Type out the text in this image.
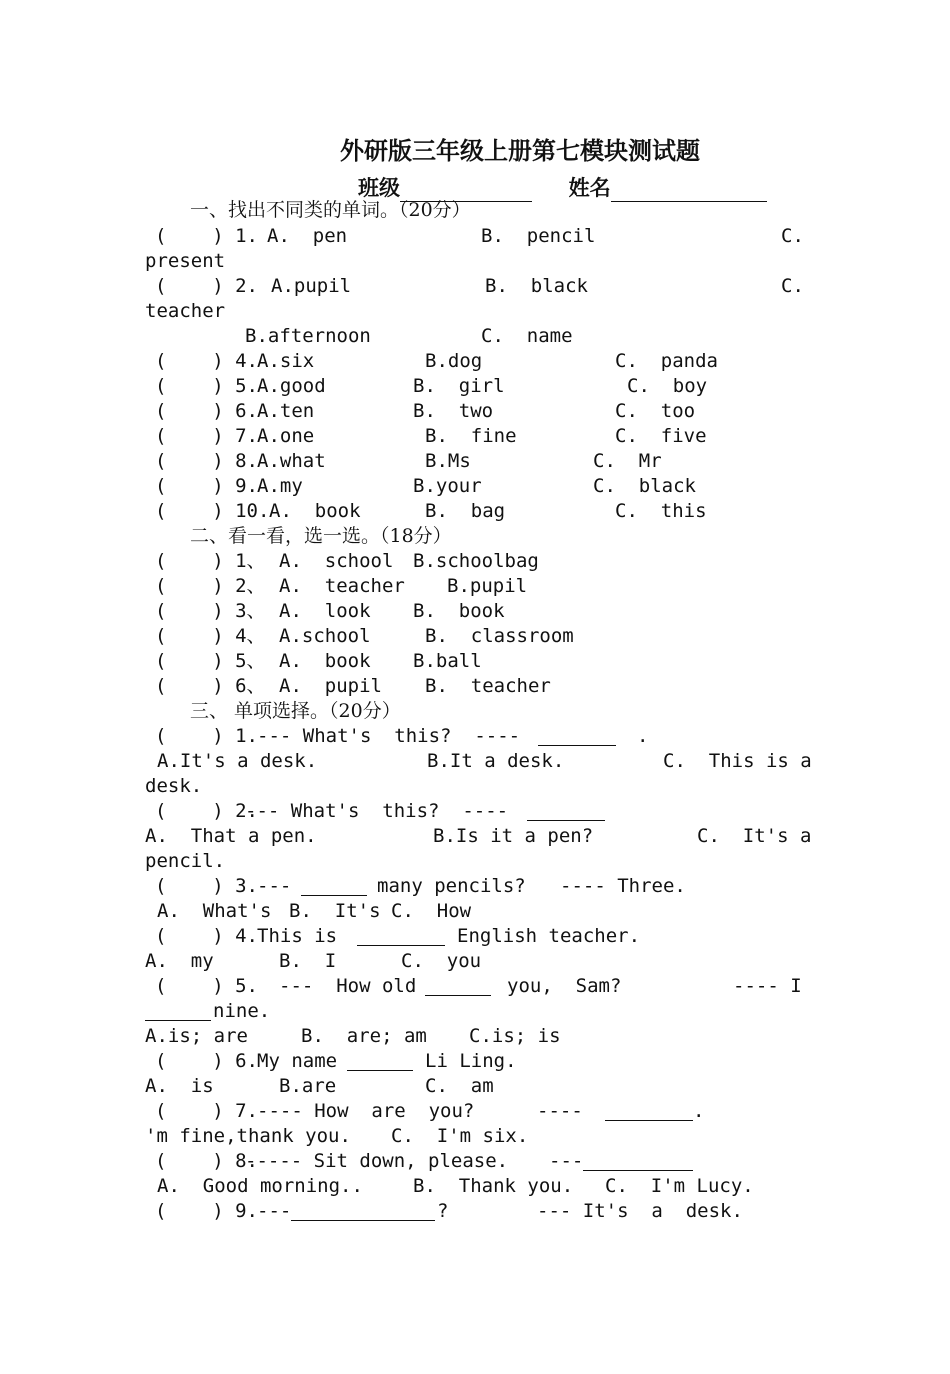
外研版三年级上册第七模块测试题
班级	姓名
一、找出不同类的单词。（20分）

(    ) 1.

A.  pen

	B.  pencil

	C.

present

(    ) 2.

A.pupil

	B.  black

	C.

teacher

B.afternoon

	C.  name

(    ) 4.

A.six

	B.dog

	C.  panda

(    ) 5.

A.good

	B.  girl

	C.  boy

(    ) 6.

A.ten

	B.  two

	C.  too

(    ) 7.

A.one

	B.  fine

	C.  five

(    ) 8.

A.what

	B.Ms

	C.  Mr

(    ) 9.

A.my

	B.your

	C.  black

(    ) 10.

A.  book

	B.  bag

	C.  this

二、看一看，选一选。（18分）

(    ) 1、

A.  school

B.schoolbag

(    ) 2、

A.  teacher

B.pupil

(    ) 3、

A.  look

B.  book

(    ) 4、

A.school

	B.  classroom

(    ) 5、

A.  book

B.ball

(    ) 6、

A.  pupil

B.  teacher

三、 单项选择。（20分）

(    ) 1.

--- What's  this?  ----

	.

A.It's a desk.

	B.It a desk.

	C.  This is a

desk.

(    ) 2.

--- What's  this?  ----

A.  That a pen.

	B.Is it a pen?

	C.  It's a

pencil.

(    ) 3.

---

	many pencils?   ---- Three.

A.  What's

B.  It's

C.  How

(    ) 4.

This is

	English teacher.

A.  my

	B.  I

	C.  you

(    ) 5.

---  How old

	you,  Sam?

	---- I

nine.

A.is; are

	B.  are; am

C.is; is

(    ) 6.

My name

	Li Ling.

A.  is

	B.are

	C.  am

(    ) 7.

---- How  are  you?

	----

	.

'm fine,thank you.

C.  I'm six.

(    ) 8.

----- Sit down, please.

---

A.  Good morning..

	B.  Thank you.

C.  I'm Lucy.

(    ) 9.

---

	?

	--- It's  a  desk.
